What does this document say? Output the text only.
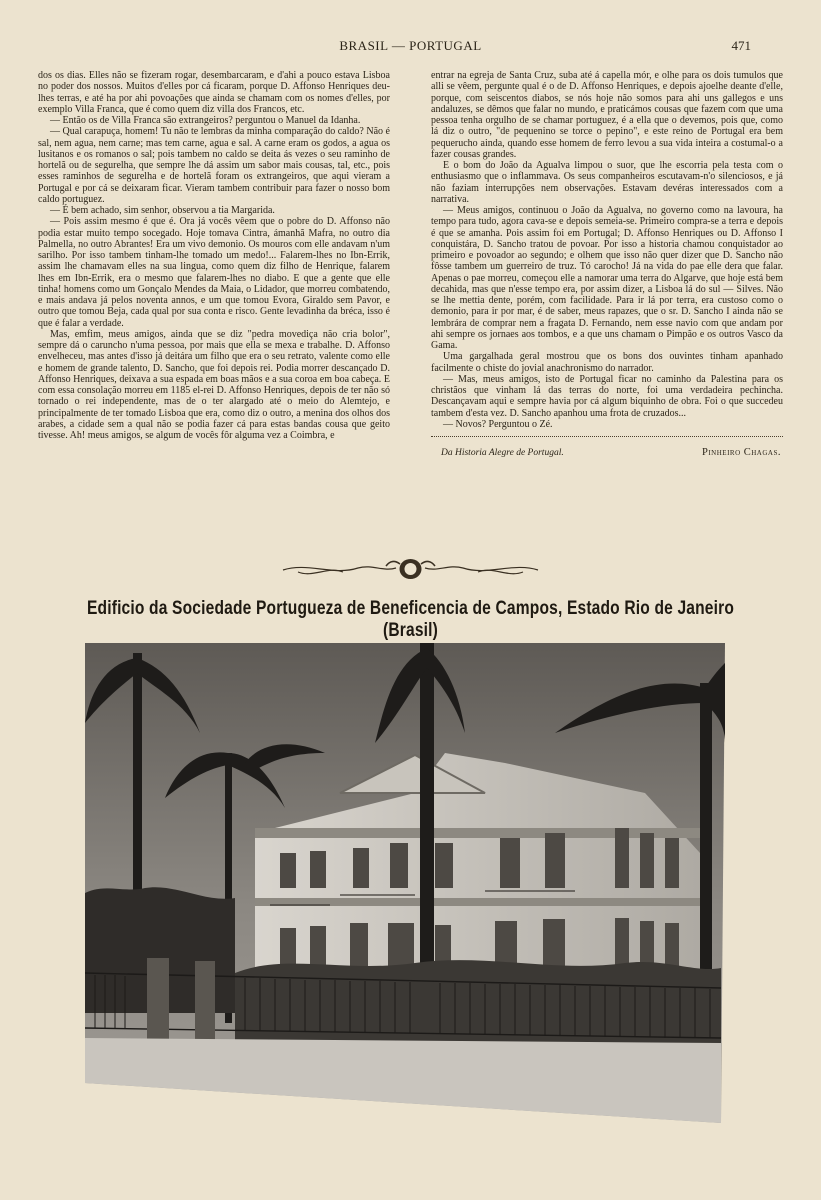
BRASIL — PORTUGAL	471

dos os dias. Elles não se fizeram rogar, desembarcaram, e d'ahi a pouco estava Lisboa no poder dos nossos. Muitos d'elles por cá ficaram, porque D. Affonso Henriques deu-lhes terras, e até ha por ahi povoações que ainda se chamam com os nomes d'elles, por exemplo Villa Franca, que é como quem diz villa dos Francos, etc.

— Então os de Villa Franca são extrangeiros? perguntou o Manuel da Idanha.

— Qual carapuça, homem! Tu não te lembras da minha comparação do caldo? Não é sal, nem agua, nem carne; mas tem carne, agua e sal. A carne eram os godos, a agua os lusitanos e os romanos o sal; pois tambem no caldo se deita ás vezes o seu raminho de hortelã ou de segurelha, que sempre lhe dá assim um sabor mais cousas, tal, etc., pois esses raminhos de segurelha e de hortelã foram os extrangeiros, que aqui vieram a Portugal e por cá se deixaram ficar. Vieram tambem contribuir para fazer o nosso bom caldo portuguez.

— É bem achado, sim senhor, observou a tia Margarida.

— Pois assim mesmo é que é. Ora já vocês vêem que o pobre do D. Affonso não podia estar muito tempo socegado. Hoje tomava Cintra, ámanhã Mafra, no outro dia Palmella, no outro Abrantes! Era um vivo demonio. Os mouros com elle andavam n'um sarilho. Por isso tambem tinham-lhe tomado um medo!... Falarem-lhes no Ibn-Errik, assim lhe chamavam elles na sua lingua, como quem diz filho de Henrique, falarem lhes em Ibn-Errik, era o mesmo que falarem-lhes no diabo. E que a gente que elle tinha! homens como um Gonçalo Mendes da Maia, o Lidador, que morreu combatendo, e mais andava já pelos noventa annos, e um que tomou Evora, Giraldo sem Pavor, e outro que tomou Beja, cada qual por sua conta e risco. Gente levadinha da bréca, isso é que é falar a verdade.

Mas, emfim, meus amigos, ainda que se diz "pedra movediça não cria bolor", sempre dá o caruncho n'uma pessoa, por mais que ella se mexa e trabalhe. D. Affonso envelheceu, mas antes d'isso já deitára um filho que era o seu retrato, valente como elle e homem de grande talento, D. Sancho, que foi depois rei. Podia morrer descançado D. Affonso Henriques, deixava a sua espada em boas mãos e a sua coroa em boa cabeça. E com essa consolação morreu em 1185 el-rei D. Affonso Henriques, depois de ter não só tornado o rei independente, mas de o ter alargado até o meio do Alemtejo, e principalmente de ter tomado Lisboa que era, como diz o outro, a menina dos olhos dos arabes, a cidade sem a qual não se podia fazer cá para estas bandas cousa que geito tivesse. Ah! meus amigos, se algum de vocês fôr alguma vez a Coimbra, e

entrar na egreja de Santa Cruz, suba até á capella mór, e olhe para os dois tumulos que alli se vêem, pergunte qual é o de D. Affonso Henriques, e depois ajoelhe deante d'elle, porque, com seiscentos diabos, se nós hoje não somos para ahi uns gallegos e uns andaluzes, se dêmos que falar no mundo, e praticámos cousas que fazem com que uma pessoa tenha orgulho de se chamar portuguez, é a ella que o devemos, pois que, como lá diz o outro, "de pequenino se torce o pepino", e este reino de Portugal era bem pequerucho ainda, quando esse homem de ferro levou a sua vida inteira a costumal-o a fazer cousas grandes.

E o bom do João da Agualva limpou o suor, que lhe escorria pela testa com o enthusiasmo que o inflammava. Os seus companheiros escutavam-n'o silenciosos, e já não faziam interrupções nem observações. Estavam devéras interessados com a narrativa.

— Meus amigos, continuou o João da Agualva, no governo como na lavoura, ha tempo para tudo, agora cava-se e depois semeia-se. Primeiro compra-se a terra e depois é que se amanha. Pois assim foi em Portugal; D. Affonso Henriques ou D. Affonso I conquistára, D. Sancho tratou de povoar. Por isso a historia chamou conquistador ao primeiro e povoador ao segundo; e olhem que isso não quer dizer que D. Sancho não fôsse tambem um guerreiro de truz. Tó carocho! Já na vida do pae elle dera que falar. Apenas o pae morreu, começou elle a namorar uma terra do Algarve, que hoje está bem decahida, mas que n'esse tempo era, por assim dizer, a Lisboa lá do sul — Silves. Não se lhe mettia dente, porém, com facilidade. Para ir lá por terra, era custoso como o demonio, para ir por mar, é de saber, meus rapazes, que o sr. D. Sancho I ainda não se lembrára de comprar nem a fragata D. Fernando, nem esse navio com que andam por ahi sempre os jornaes aos tombos, e a que uns chamam o Pimpão e os outros Vasco da Gama.

Uma gargalhada geral mostrou que os bons dos ouvintes tinham apanhado facilmente o chiste do jovial anachronismo do narrador.

— Mas, meus amigos, isto de Portugal ficar no caminho da Palestina para os christãos que vinham lá das terras do norte, foi uma verdadeira pechincha. Descançavam aqui e sempre havia por cá algum biquinho de obra. Foi o que succedeu tambem d'esta vez. D. Sancho apanhou uma frota de cruzados...

— Novos? Perguntou o Zé.

Da Historia Alegre de Portugal.	Pinheiro Chagas.
Edificio da Sociedade Portugueza de Beneficencia de Campos, Estado Rio de Janeiro (Brasil)
